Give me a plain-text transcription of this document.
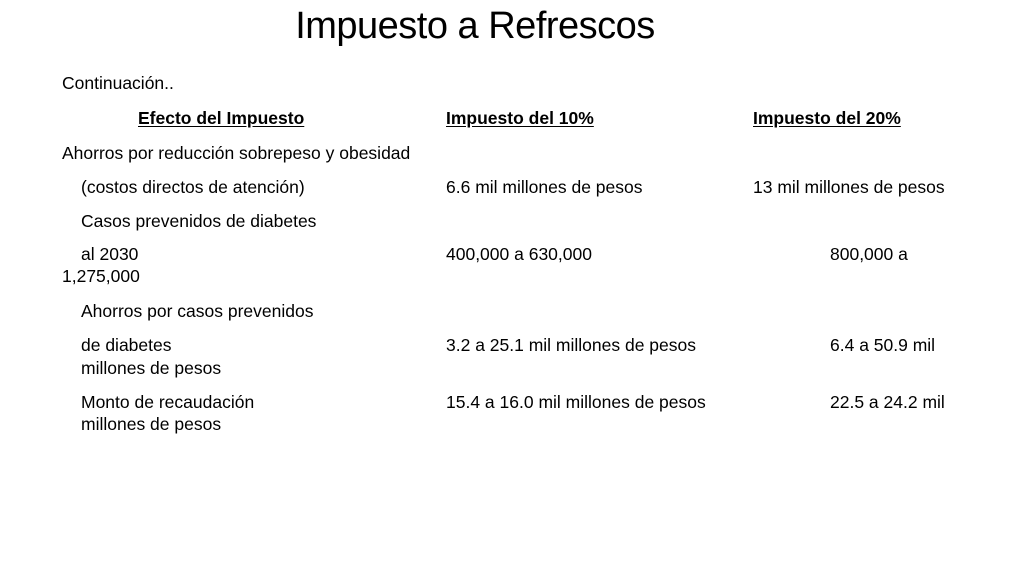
Impuesto a Refrescos
Continuación..
Efecto del Impuesto	Impuesto del 10%	Impuesto del 20%
Ahorros por reducción sobrepeso y obesidad
(costos directos de atención)	6.6 mil millones de pesos	13 mil millones de pesos
Casos prevenidos de diabetes
al 2030	400,000 a 630,000	800,000 a
1,275,000
Ahorros por casos prevenidos
de diabetes	3.2 a 25.1 mil millones de pesos	6.4 a 50.9 mil
millones de pesos
Monto de recaudación	15.4 a 16.0 mil millones de pesos	22.5 a 24.2 mil
millones de pesos
